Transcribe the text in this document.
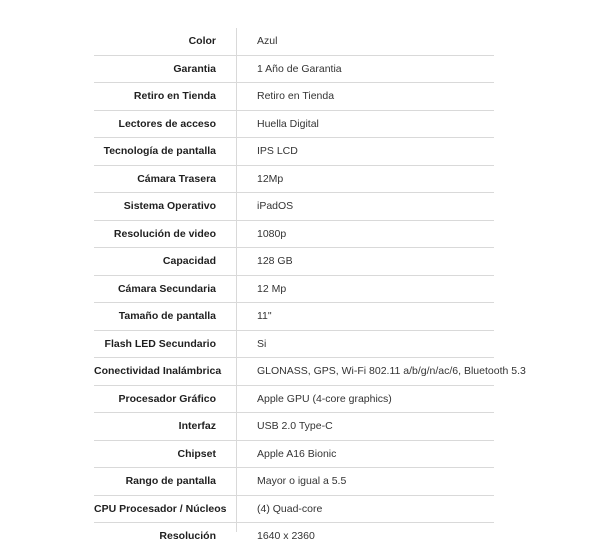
Color	Azul
Garantia	1 Año de Garantia
Retiro en Tienda	Retiro en Tienda
Lectores de acceso	Huella Digital
Tecnología de pantalla	IPS LCD
Cámara Trasera	12Mp
Sistema Operativo	iPadOS
Resolución de video	1080p
Capacidad	128 GB
Cámara Secundaria	12 Mp
Tamaño de pantalla	11"
Flash LED Secundario	Si
Conectividad Inalámbrica	GLONASS, GPS, Wi-Fi 802.11 a/b/g/n/ac/6, Bluetooth 5.3
Procesador Gráfico	Apple GPU (4-core graphics)
Interfaz	USB 2.0 Type-C
Chipset	Apple A16 Bionic
Rango de pantalla	Mayor o igual a 5.5
CPU Procesador / Núcleos	(4) Quad-core
Resolución	1640 x 2360
